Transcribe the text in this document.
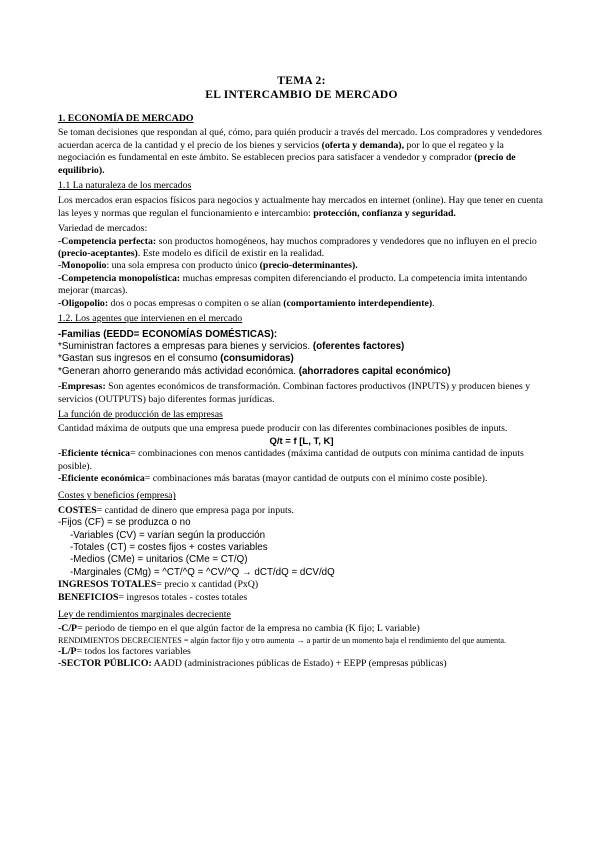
TEMA 2:
EL INTERCAMBIO DE MERCADO
1. ECONOMÍA DE MERCADO

Se toman decisiones que respondan al qué, cómo, para quién producir a través del mercado. Los compradores y vendedores acuerdan acerca de la cantidad y el precio de los bienes y servicios (oferta y demanda), por lo que el regateo y la negociación es fundamental en este ámbito. Se establecen precios para satisfacer a vendedor y comprador (precio de equilibrio).

1.1 La naturaleza de los mercados

Los mercados eran espacios físicos para negocios y actualmente hay mercados en internet (online). Hay que tener en cuenta las leyes y normas que regulan el funcionamiento e intercambio: protección, confianza y seguridad.

Variedad de mercados:

-Competencia perfecta: son productos homogéneos, hay muchos compradores y vendedores que no influyen en el precio (precio-aceptantes). Este modelo es difícil de existir en la realidad.

-Monopolio: una sola empresa con producto único (precio-determinantes).

-Competencia monopolística: muchas empresas compiten diferenciando el producto. La competencia imita intentando mejorar (marcas).

-Oligopolio: dos o pocas empresas o compiten o se alían (comportamiento interdependiente).

1.2. Los agentes que intervienen en el mercado

-Familias (EEDD= ECONOMÍAS DOMÉSTICAS):

*Suministran factores a empresas para bienes y servicios. (oferentes factores)

*Gastan sus ingresos en el consumo (consumidoras)

*Generan ahorro generando más actividad económica. (ahorradores capital económico)

-Empresas: Son agentes económicos de transformación. Combinan factores productivos (INPUTS) y producen bienes y servicios (OUTPUTS) bajo diferentes formas jurídicas.

La función de producción de las empresas

Cantidad máxima de outputs que una empresa puede producir con las diferentes combinaciones posibles de inputs.

Q/t = f [L, T, K]

-Eficiente técnica= combinaciones con menos cantidades (máxima cantidad de outputs con mínima cantidad de inputs posible).

-Eficiente económica= combinaciones más baratas (mayor cantidad de outputs con el mínimo coste posible).

Costes y beneficios (empresa)

COSTES= cantidad de dinero que empresa paga por inputs.

-Fijos (CF) = se produzca o no

-Variables (CV) = varían según la producción

-Totales (CT) = costes fijos + costes variables

-Medios (CMe) = unitarios (CMe = CT/Q)

-Marginales (CMg) = ^CT/^Q = ^CV/^Q → dCT/dQ = dCV/dQ

INGRESOS TOTALES= precio x cantidad (PxQ)

BENEFICIOS= ingresos totales - costes totales

Ley de rendimientos marginales decreciente

-C/P= periodo de tiempo en el que algún factor de la empresa no cambia (K fijo; L variable)

RENDIMIENTOS DECRECIENTES = algún factor fijo y otro aumenta → a partir de un momento baja el rendimiento del que aumenta.

-L/P= todos los factores variables

-SECTOR PÚBLICO: AADD (administraciones públicas de Estado) + EEPP (empresas públicas)
